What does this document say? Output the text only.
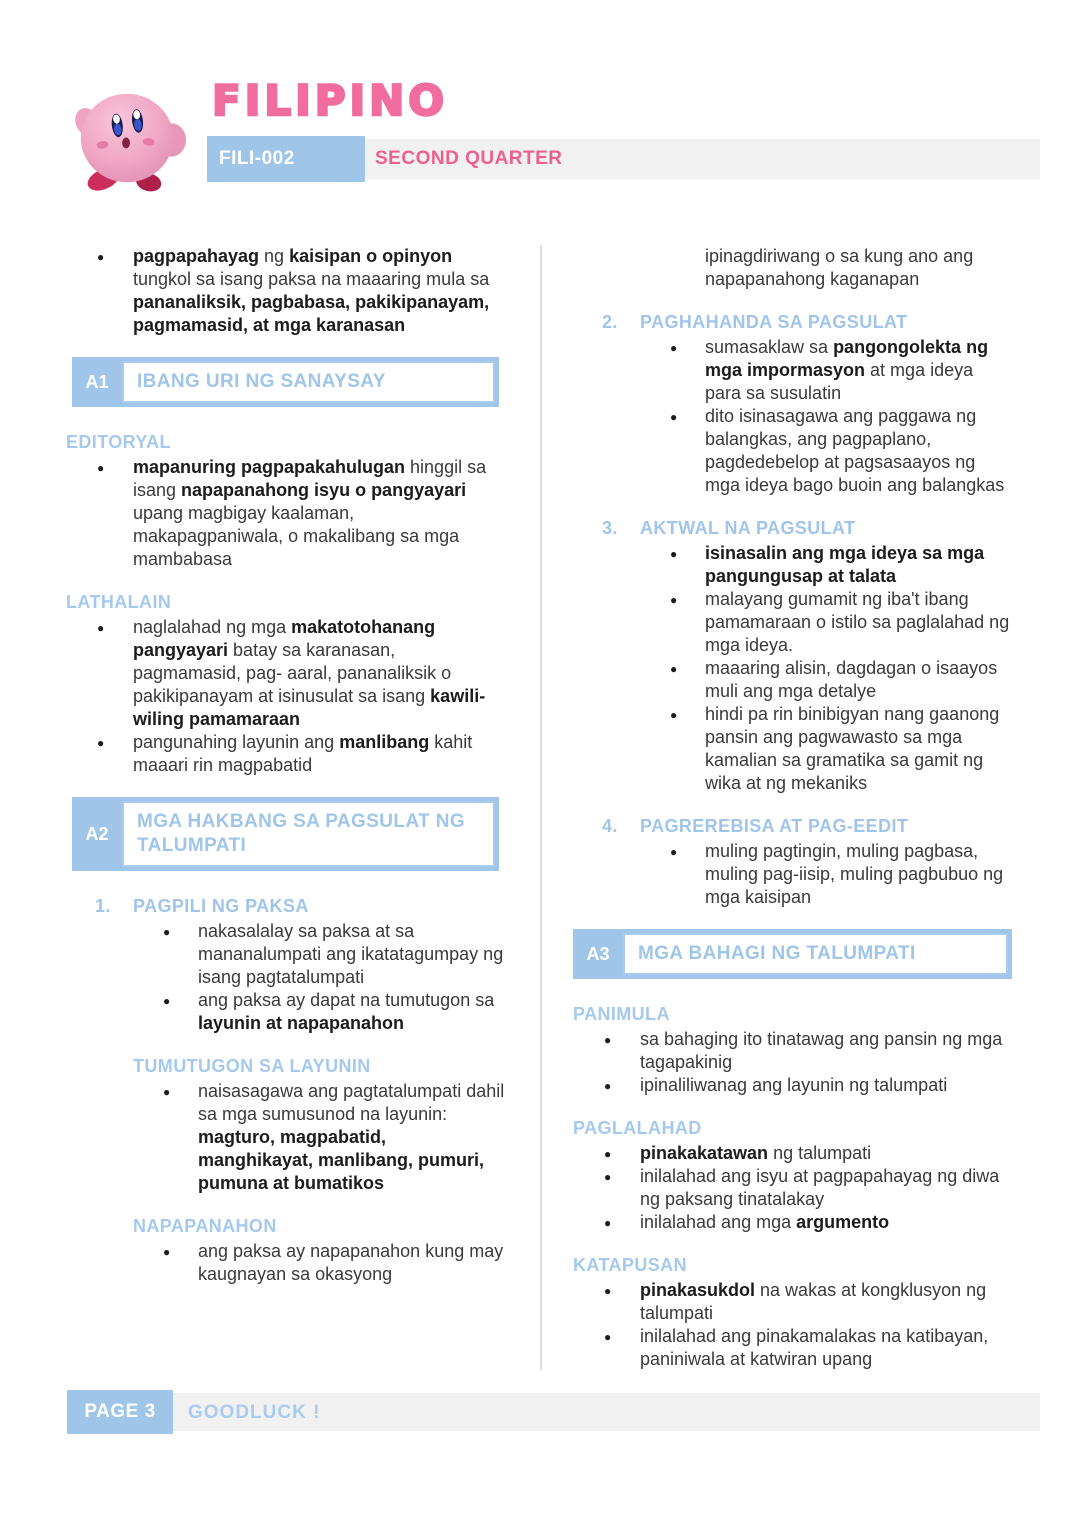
FILIPINO
FILI-002	SECOND QUARTER
● pagpapahayag ng kaisipan o opinyon tungkol sa isang paksa na maaaring mula sa pananaliksik, pagbabasa, pakikipanayam, pagmamasid, at mga karanasan
A1	IBANG URI NG SANAYSAY
EDITORYAL
● mapanuring pagpapakahulugan hinggil sa isang napapanahong isyu o pangyayari upang magbigay kaalaman, makapagpaniwala, o makalibang sa mga mambabasa
LATHALAIN
● naglalahad ng mga makatotohanang pangyayari batay sa karanasan, pagmamasid, pag- aaral, pananaliksik o pakikipanayam at isinusulat sa isang kawili-wiling pamamaraan
● pangunahing layunin ang manlibang kahit maaari rin magpabatid
A2
MGA HAKBANG SA PAGSULAT NG TALUMPATI
1. PAGPILI NG PAKSA
● nakasalalay sa paksa at sa mananalumpati ang ikatatagumpay ng isang pagtatalumpati
● ang paksa ay dapat na tumutugon sa layunin at napapanahon
TUMUTUGON SA LAYUNIN
● naisasagawa ang pagtatalumpati dahil sa mga sumusunod na layunin: magturo, magpabatid, manghikayat, manlibang, pumuri, pumuna at bumatikos
NAPAPANAHON
● ang paksa ay napapanahon kung may kaugnayan sa okasyong
ipinagdiriwang o sa kung ano ang napapanahong kaganapan
2. PAGHAHANDA SA PAGSULAT
● sumasaklaw sa pangongolekta ng mga impormasyon at mga ideya para sa susulatin
● dito isinasagawa ang paggawa ng balangkas, ang pagpaplano, pagdedebelop at pagsasaayos ng mga ideya bago buoin ang balangkas
3. AKTWAL NA PAGSULAT
● isinasalin ang mga ideya sa mga pangungusap at talata
● malayang gumamit ng iba't ibang pamamaraan o istilo sa paglalahad ng mga ideya.
● maaaring alisin, dagdagan o isaayos muli ang mga detalye
● hindi pa rin binibigyan nang gaanong pansin ang pagwawasto sa mga kamalian sa gramatika sa gamit ng wika at ng mekaniks
4. PAGREREBISA AT PAG-EEDIT
● muling pagtingin, muling pagbasa, muling pag-iisip, muling pagbubuo ng mga kaisipan
A3	MGA BAHAGI NG TALUMPATI
PANIMULA
● sa bahaging ito tinatawag ang pansin ng mga tagapakinig
● ipinaliliwanag ang layunin ng talumpati
PAGLALAHAD
● pinakakatawan ng talumpati
● inilalahad ang isyu at pagpapahayag ng diwa ng paksang tinatalakay
● inilalahad ang mga argumento
KATAPUSAN
● pinakasukdol na wakas at kongklusyon ng talumpati
● inilalahad ang pinakamalakas na katibayan, paniniwala at katwiran upang
PAGE 3	GOODLUCK !
